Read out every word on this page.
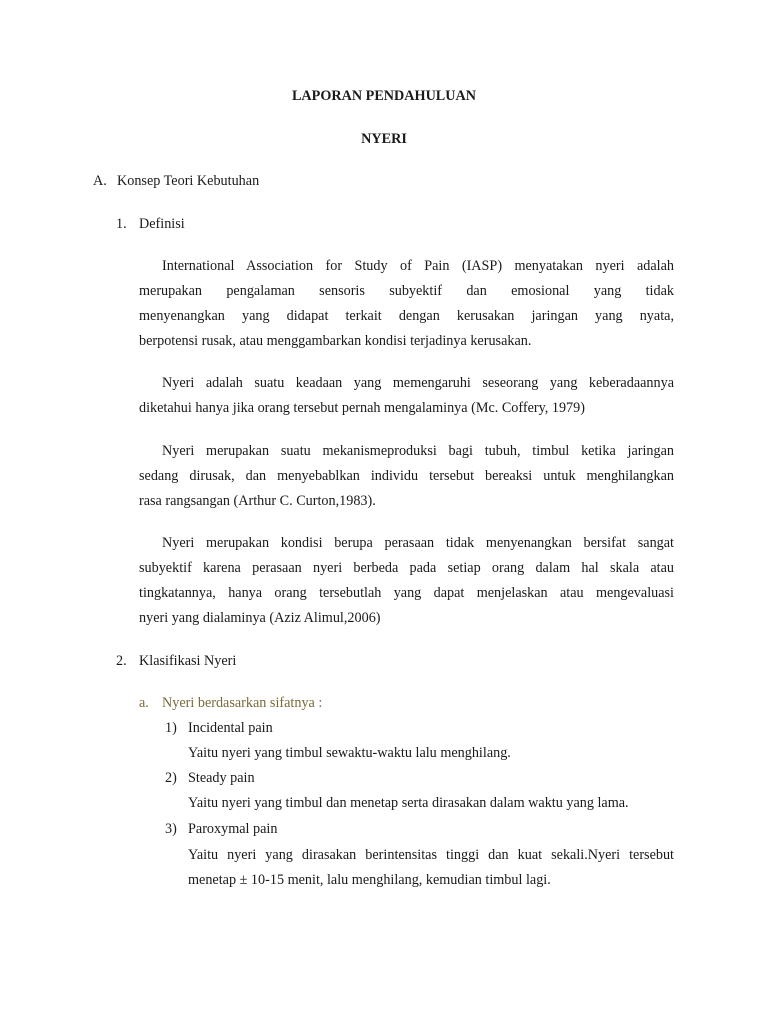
LAPORAN PENDAHULUAN
NYERI
A. Konsep Teori Kebutuhan
1. Definisi
International Association for Study of Pain (IASP) menyatakan nyeri adalah
merupakan pengalaman sensoris subyektif dan emosional yang tidak
menyenangkan yang didapat terkait dengan kerusakan jaringan yang nyata,
berpotensi rusak, atau menggambarkan kondisi terjadinya kerusakan.
Nyeri adalah suatu keadaan yang memengaruhi seseorang yang keberadaannya
diketahui hanya jika orang tersebut pernah mengalaminya (Mc. Coffery, 1979)
Nyeri merupakan suatu mekanismeproduksi bagi tubuh, timbul ketika jaringan
sedang dirusak, dan menyebablkan individu tersebut bereaksi untuk menghilangkan
rasa rangsangan (Arthur C. Curton,1983).
Nyeri merupakan kondisi berupa perasaan tidak menyenangkan bersifat sangat
subyektif karena perasaan nyeri berbeda pada setiap orang dalam hal skala atau
tingkatannya, hanya orang tersebutlah yang dapat menjelaskan atau mengevaluasi
nyeri yang dialaminya (Aziz Alimul,2006)
2. Klasifikasi Nyeri
a. Nyeri berdasarkan sifatnya :
1) Incidental pain
Yaitu nyeri yang timbul sewaktu-waktu lalu menghilang.
2) Steady pain
Yaitu nyeri yang timbul dan menetap serta dirasakan dalam waktu yang lama.
3) Paroxymal pain
Yaitu nyeri yang dirasakan berintensitas tinggi dan kuat sekali.Nyeri tersebut
menetap ± 10-15 menit, lalu menghilang, kemudian timbul lagi.
